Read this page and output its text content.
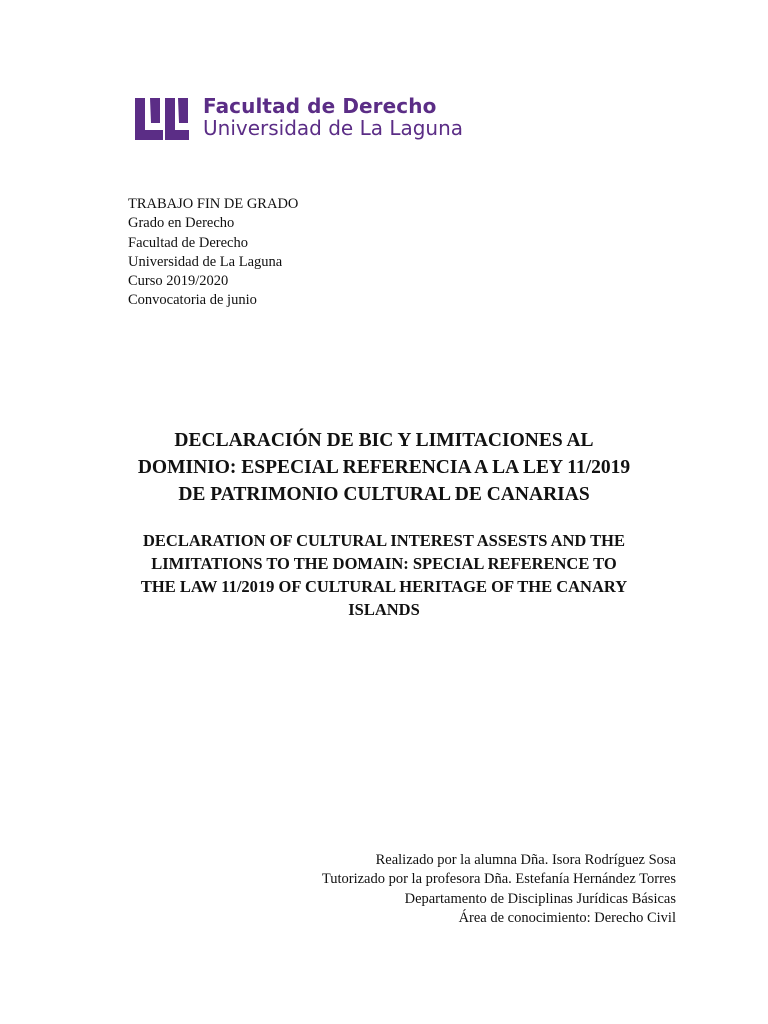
Facultad de Derecho
Universidad de La Laguna
TRABAJO FIN DE GRADO
Grado en Derecho
Facultad de Derecho
Universidad de La Laguna
Curso 2019/2020
Convocatoria de junio
DECLARACIÓN DE BIC Y LIMITACIONES AL
DOMINIO: ESPECIAL REFERENCIA A LA LEY 11/2019
DE PATRIMONIO CULTURAL DE CANARIAS
DECLARATION OF CULTURAL INTEREST ASSESTS AND THE
LIMITATIONS TO THE DOMAIN: SPECIAL REFERENCE TO
THE LAW 11/2019 OF CULTURAL HERITAGE OF THE CANARY
ISLANDS
Realizado por la alumna Dña. Isora Rodríguez Sosa
Tutorizado por la profesora Dña. Estefanía Hernández Torres
Departamento de Disciplinas Jurídicas Básicas
Área de conocimiento: Derecho Civil
